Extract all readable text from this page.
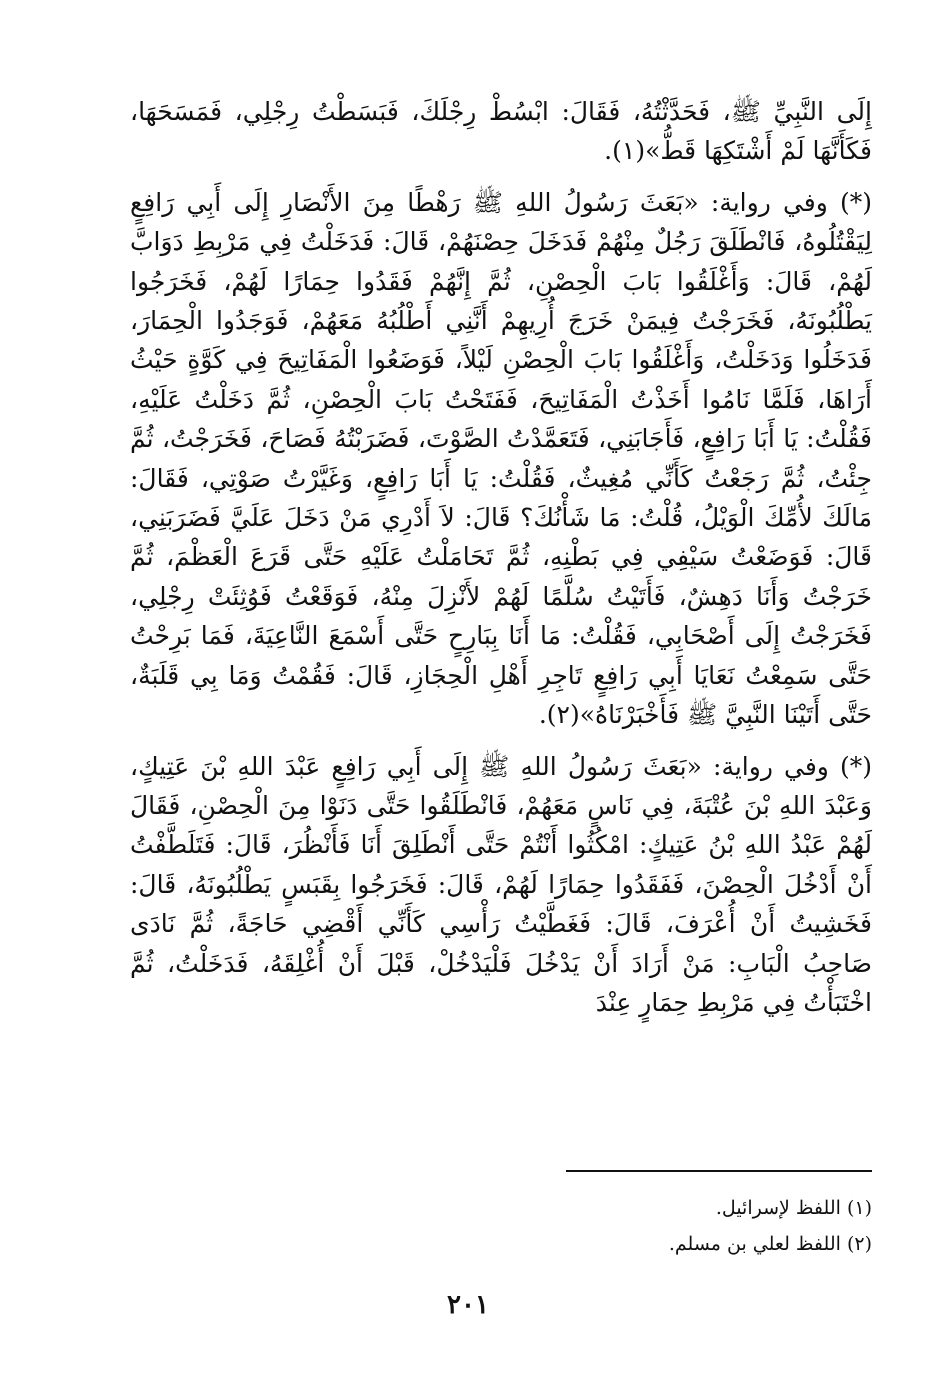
إِلَى النَّبِيِّ ﷺ، فَحَدَّثْتُهُ، فَقَالَ: ابْسُطْ رِجْلَكَ، فَبَسَطْتُ رِجْلِي، فَمَسَحَهَا، فَكَأَنَّهَا لَمْ أَشْتَكِهَا قَطُّ»(١).

(*) وفي رواية: «بَعَثَ رَسُولُ اللهِ ﷺ رَهْطًا مِنَ الأَنْصَارِ إِلَى أَبِي رَافِعٍ لِيَقْتُلُوهُ، فَانْطَلَقَ رَجُلٌ مِنْهُمْ فَدَخَلَ حِصْنَهُمْ، قَالَ: فَدَخَلْتُ فِي مَرْبِطِ دَوَابَّ لَهُمْ، قَالَ: وَأَغْلَقُوا بَابَ الْحِصْنِ، ثُمَّ إِنَّهُمْ فَقَدُوا حِمَارًا لَهُمْ، فَخَرَجُوا يَطْلُبُونَهُ، فَخَرَجْتُ فِيمَنْ خَرَجَ أُرِيهِمْ أَنَّنِي أَطْلُبُهُ مَعَهُمْ، فَوَجَدُوا الْحِمَارَ، فَدَخَلُوا وَدَخَلْتُ، وَأَغْلَقُوا بَابَ الْحِصْنِ لَيْلاً، فَوَضَعُوا الْمَفَاتِيحَ فِي كَوَّةٍ حَيْثُ أَرَاهَا، فَلَمَّا نَامُوا أَخَذْتُ الْمَفَاتِيحَ، فَفَتَحْتُ بَابَ الْحِصْنِ، ثُمَّ دَخَلْتُ عَلَيْهِ، فَقُلْتُ: يَا أَبَا رَافِعٍ، فَأَجَابَنِي، فَتَعَمَّدْتُ الصَّوْتَ، فَضَرَبْتُهُ فَصَاحَ، فَخَرَجْتُ، ثُمَّ جِئْتُ، ثُمَّ رَجَعْتُ كَأَنِّي مُغِيثٌ، فَقُلْتُ: يَا أَبَا رَافِعٍ، وَغَيَّرْتُ صَوْتِي، فَقَالَ: مَالَكَ لأُمِّكَ الْوَيْلُ، قُلْتُ: مَا شَأْنُكَ؟ قَالَ: لاَ أَدْرِي مَنْ دَخَلَ عَلَيَّ فَضَرَبَنِي، قَالَ: فَوَضَعْتُ سَيْفِي فِي بَطْنِهِ، ثُمَّ تَحَامَلْتُ عَلَيْهِ حَتَّى قَرَعَ الْعَظْمَ، ثُمَّ خَرَجْتُ وَأَنَا دَهِشٌ، فَأَتَيْتُ سُلَّمًا لَهُمْ لأَنْزِلَ مِنْهُ، فَوَقَعْتُ فَوُثِئَتْ رِجْلِي، فَخَرَجْتُ إِلَى أَصْحَابِي، فَقُلْتُ: مَا أَنَا بِبَارِحٍ حَتَّى أَسْمَعَ النَّاعِيَةَ، فَمَا بَرِحْتُ حَتَّى سَمِعْتُ نَعَايَا أَبِي رَافِعٍ تَاجِرِ أَهْلِ الْحِجَازِ، قَالَ: فَقُمْتُ وَمَا بِي قَلَبَةٌ، حَتَّى أَتَيْنَا النَّبِيَّ ﷺ فَأَخْبَرْنَاهُ»(٢).

(*) وفي رواية: «بَعَثَ رَسُولُ اللهِ ﷺ إِلَى أَبِي رَافِعٍ عَبْدَ اللهِ بْنَ عَتِيكٍ، وَعَبْدَ اللهِ بْنَ عُتْبَةَ، فِي نَاسٍ مَعَهُمْ، فَانْطَلَقُوا حَتَّى دَنَوْا مِنَ الْحِصْنِ، فَقَالَ لَهُمْ عَبْدُ اللهِ بْنُ عَتِيكٍ: امْكُثُوا أَنْتُمْ حَتَّى أَنْطَلِقَ أَنَا فَأَنْظُرَ، قَالَ: فَتَلَطَّفْتُ أَنْ أَدْخُلَ الْحِصْنَ، فَفَقَدُوا حِمَارًا لَهُمْ، قَالَ: فَخَرَجُوا بِقَبَسٍ يَطْلُبُونَهُ، قَالَ: فَخَشِيتُ أَنْ أُعْرَفَ، قَالَ: فَغَطَّيْتُ رَأْسِي كَأَنِّي أَقْضِي حَاجَةً، ثُمَّ نَادَى صَاحِبُ الْبَابِ: مَنْ أَرَادَ أَنْ يَدْخُلَ فَلْيَدْخُلْ، قَبْلَ أَنْ أُغْلِقَهُ، فَدَخَلْتُ، ثُمَّ اخْتَبَأْتُ فِي مَرْبِطِ حِمَارٍ عِنْدَ

(١) اللفظ لإسرائيل.
(٢) اللفظ لعلي بن مسلم.
٢٠١
